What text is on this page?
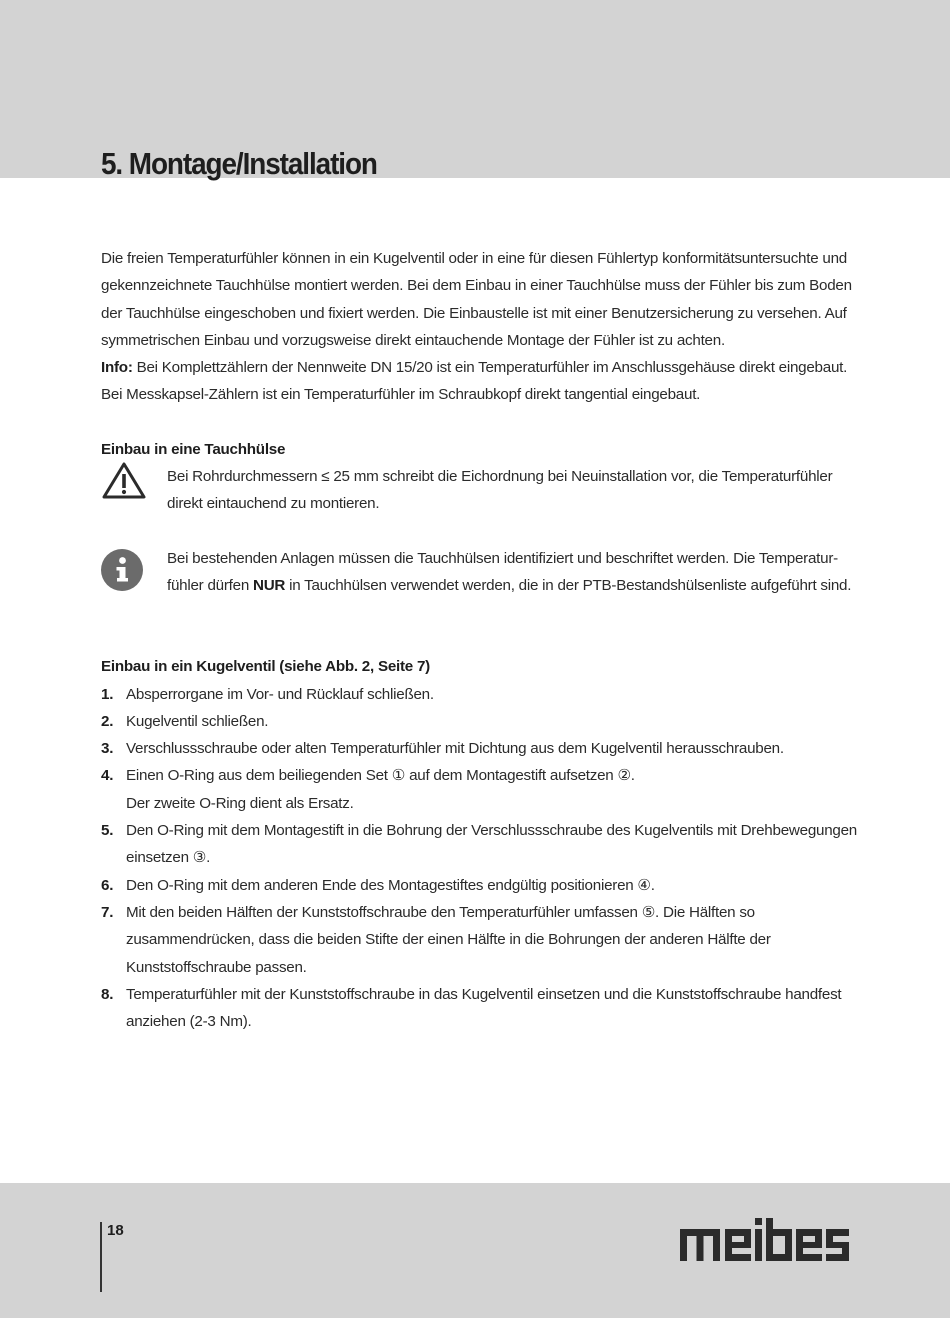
5. Montage/Installation

Die freien Temperaturfühler können in ein Kugelventil oder in eine für diesen Fühlertyp konformitätsuntersuchte und gekennzeichnete Tauchhülse montiert werden. Bei dem Einbau in einer Tauchhülse muss der Fühler bis zum Boden der Tauchhülse eingeschoben und fixiert werden. Die Einbaustelle ist mit einer Benutzersicherung zu versehen. Auf symmetrischen Einbau und vorzugsweise direkt eintauchende Montage der Fühler ist zu achten.

Info: Bei Komplettzählern der Nennweite DN 15/20 ist ein Temperaturfühler im Anschlussgehäuse direkt eingebaut. Bei Messkapsel-Zählern ist ein Temperaturfühler im Schraubkopf direkt tangential eingebaut.

Einbau in eine Tauchhülse

Bei Rohrdurchmessern ≤ 25 mm schreibt die Eichordnung bei Neuinstallation vor, die Temperaturfühler direkt eintauchend zu montieren.

Bei bestehenden Anlagen müssen die Tauchhülsen identifiziert und beschriftet werden. Die Temperatur-fühler dürfen NUR in Tauchhülsen verwendet werden, die in der PTB-Bestandshülsenliste aufgeführt sind.

Einbau in ein Kugelventil (siehe Abb. 2, Seite 7)

1. Absperrorgane im Vor- und Rücklauf schließen.
2. Kugelventil schließen.
3. Verschlussschraube oder alten Temperaturfühler mit Dichtung aus dem Kugelventil herausschrauben.
4. Einen O-Ring aus dem beiliegenden Set ① auf dem Montagestift aufsetzen ②.
Der zweite O-Ring dient als Ersatz.
5. Den O-Ring mit dem Montagestift in die Bohrung der Verschlussschraube des Kugelventils mit Drehbewegungen einsetzen ③.
6. Den O-Ring mit dem anderen Ende des Montagestiftes endgültig positionieren ④.
7. Mit den beiden Hälften der Kunststoffschraube den Temperaturfühler umfassen ⑤. Die Hälften so zusammendrücken, dass die beiden Stifte der einen Hälfte in die Bohrungen der anderen Hälfte der Kunststoffschraube passen.
8. Temperaturfühler mit der Kunststoffschraube in das Kugelventil einsetzen und die Kunststoffschraube handfest anziehen (2-3 Nm).
18
